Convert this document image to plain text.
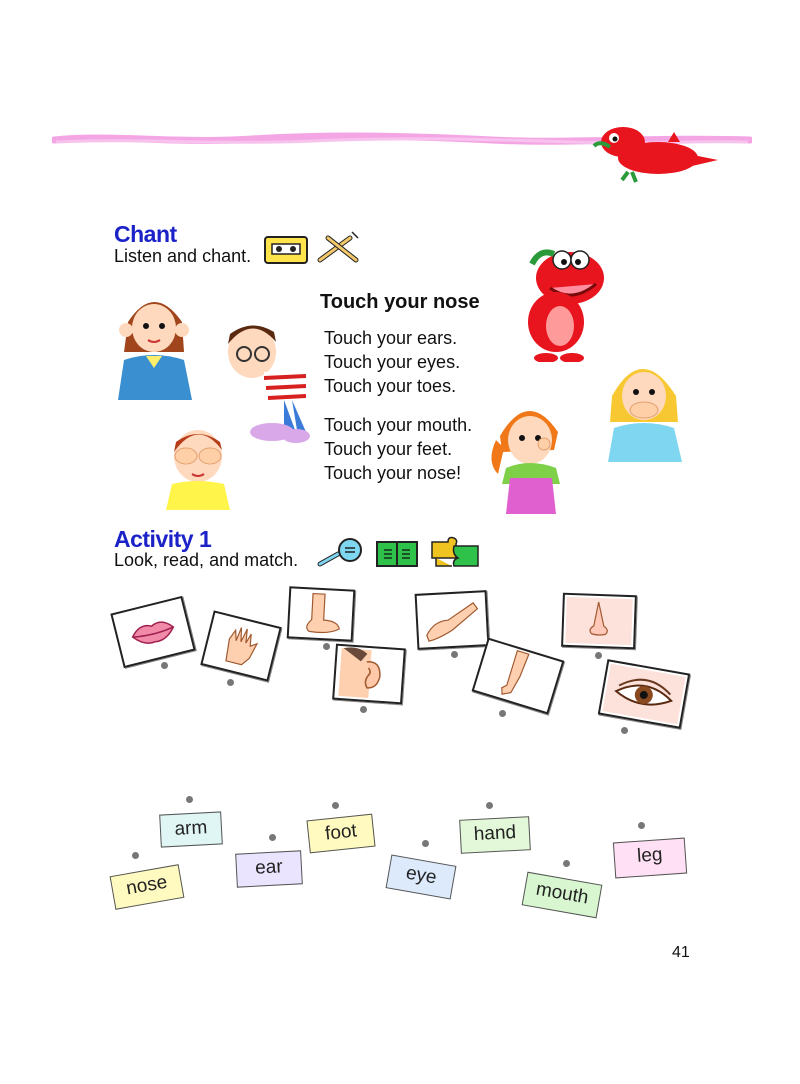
Chant
Listen and chant.
Touch your nose
Touch your ears.
Touch your eyes.
Touch your toes.
Touch your mouth.
Touch your feet.
Touch your nose!
Activity 1
Look, read, and match.
arm	foot	hand
nose
ear	eye
mouth
leg
41
